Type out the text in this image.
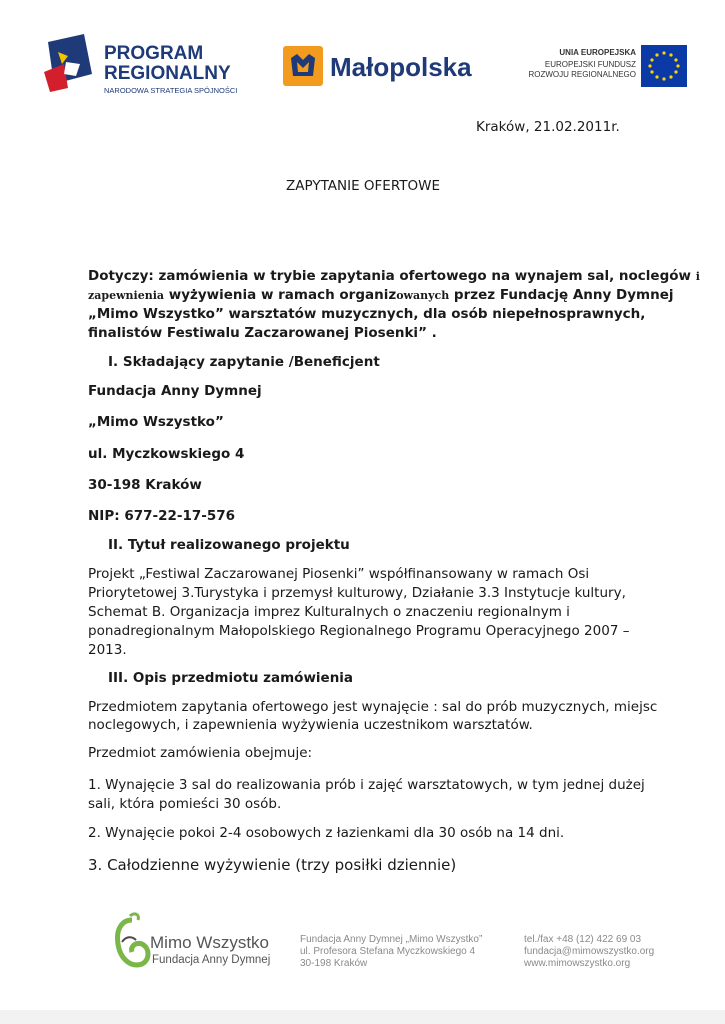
PROGRAM
REGIONALNY
NARODOWA STRATEGIA SPÓJNOŚCI
Małopolska	UNIA EUROPEJSKA
EUROPEJSKI FUNDUSZ
ROZWOJU REGIONALNEGO
Kraków, 21.02.2011r.
ZAPYTANIE OFERTOWE
Dotyczy: zamówienia w trybie zapytania ofertowego na wynajem sal, noclegów i
zapewnienia wyżywienia w ramach organizowanych przez Fundację Anny Dymnej
„Mimo Wszystko” warsztatów muzycznych, dla osób niepełnosprawnych,
finalistów Festiwalu Zaczarowanej Piosenki” .
I. Składający zapytanie /Beneficjent
Fundacja Anny Dymnej
„Mimo Wszystko”
ul. Myczkowskiego 4
30-198 Kraków
NIP: 677-22-17-576
II. Tytuł realizowanego projektu
Projekt „Festiwal Zaczarowanej Piosenki” współfinansowany w ramach Osi
Priorytetowej 3.Turystyka i przemysł kulturowy, Działanie 3.3 Instytucje kultury,
Schemat B. Organizacja imprez Kulturalnych o znaczeniu regionalnym i
ponadregionalnym Małopolskiego Regionalnego Programu Operacyjnego 2007 –
2013.
III. Opis przedmiotu zamówienia
Przedmiotem zapytania ofertowego jest wynajęcie : sal do prób muzycznych, miejsc
noclegowych, i zapewnienia wyżywienia uczestnikom warsztatów.
Przedmiot zamówienia obejmuje:
1. Wynajęcie 3 sal do realizowania prób i zajęć warsztatowych, w tym jednej dużej
sali, która pomieści 30 osób.
2. Wynajęcie pokoi 2-4 osobowych z łazienkami dla 30 osób na 14 dni.
3. Całodzienne wyżywienie (trzy posiłki dziennie)
Mimo Wszystko
Fundacja Anny Dymnej
Fundacja Anny Dymnej „Mimo Wszystko”
ul. Profesora Stefana Myczkowskiego 4
30-198 Kraków
tel./fax +48 (12) 422 69 03
fundacja@mimowszystko.org
www.mimowszystko.org
